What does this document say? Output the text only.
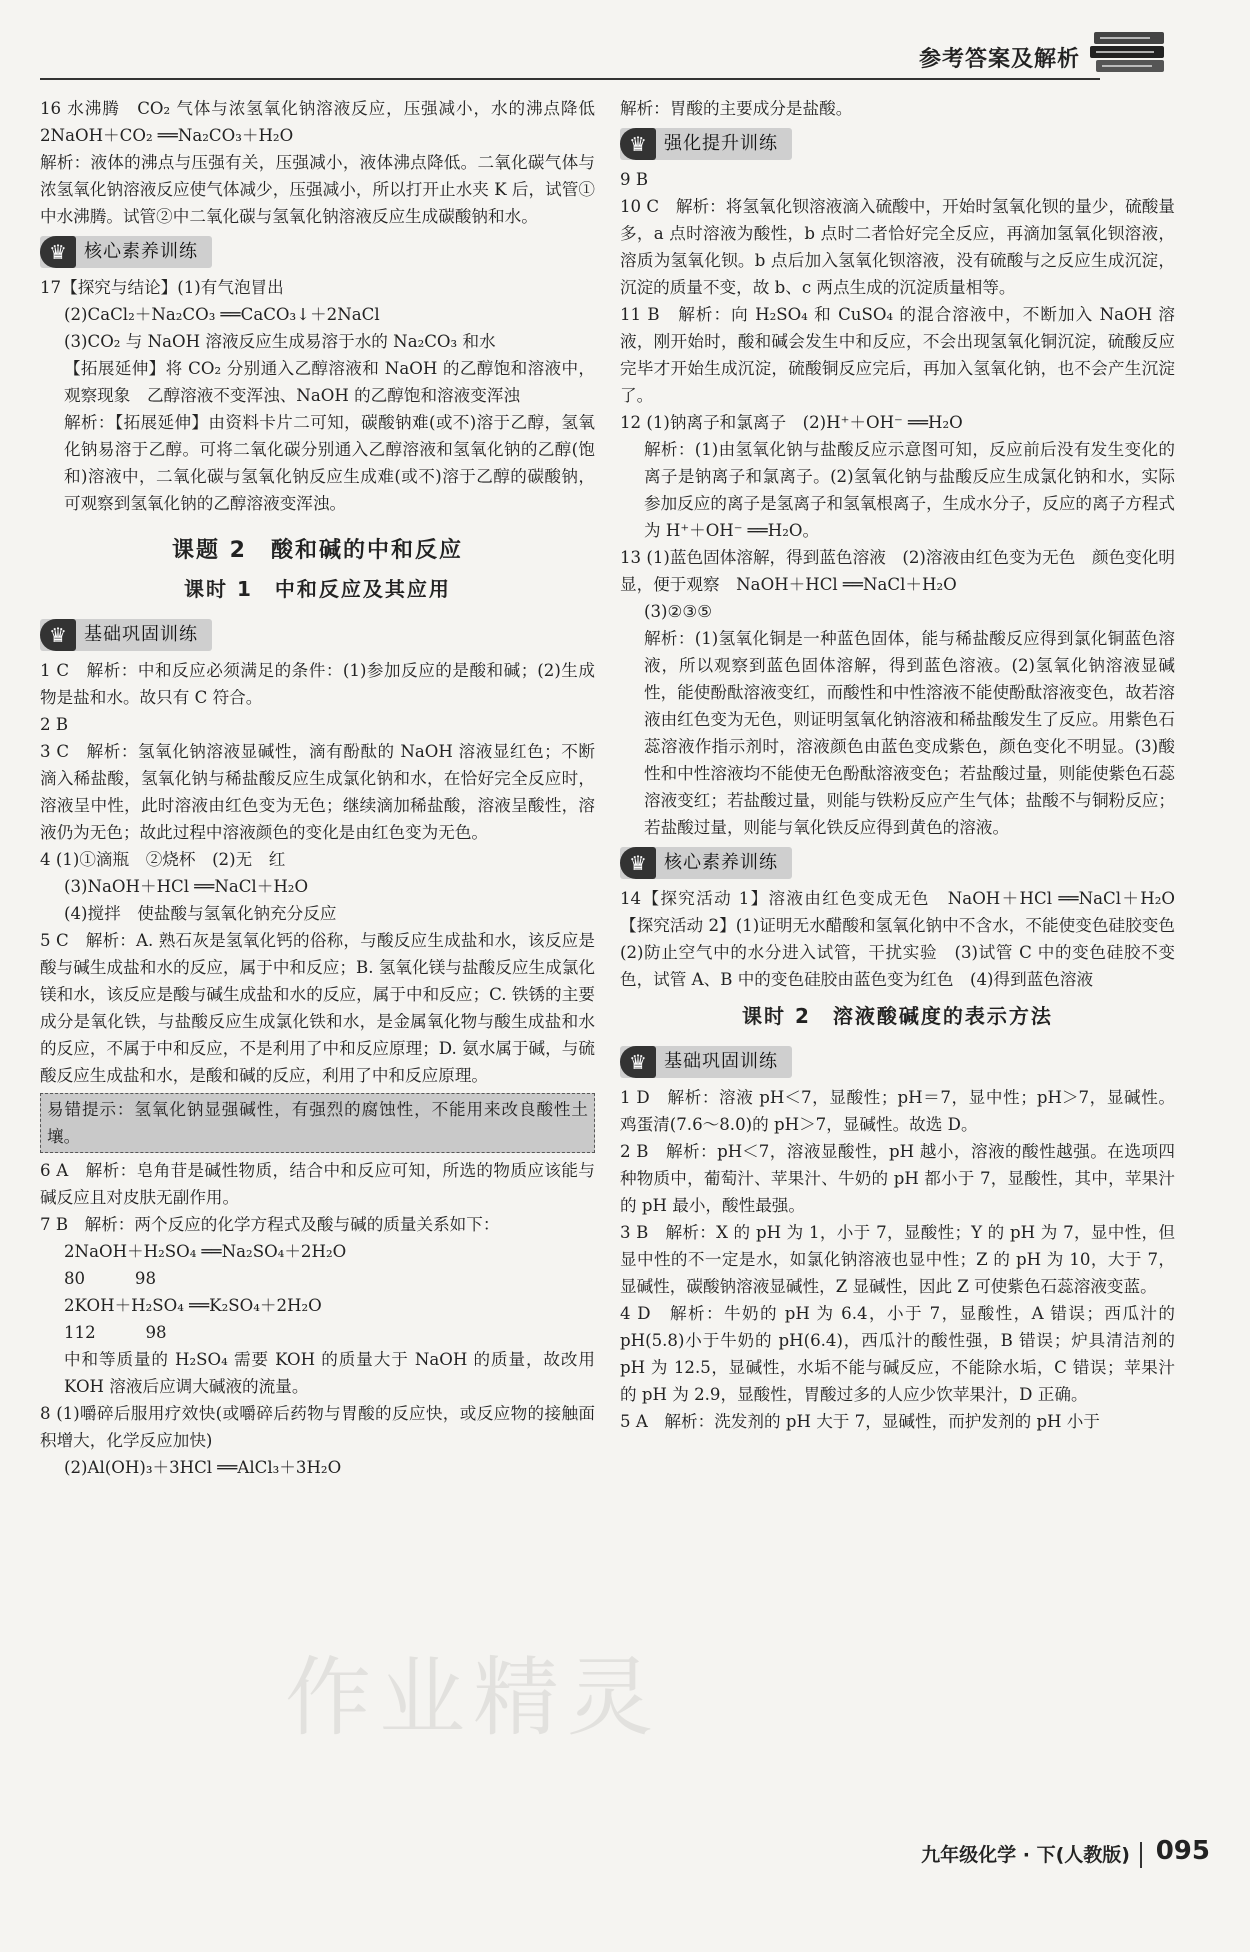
参考答案及解析

16 水沸腾　CO₂ 气体与浓氢氧化钠溶液反应，压强减小，水的沸点降低　2NaOH＋CO₂ ══Na₂CO₃＋H₂O

解析：液体的沸点与压强有关，压强减小，液体沸点降低。二氧化碳气体与浓氢氧化钠溶液反应使气体减少，压强减小，所以打开止水夹 K 后，试管①中水沸腾。试管②中二氧化碳与氢氧化钠溶液反应生成碳酸钠和水。

♛ 核心素养训练

17【探究与结论】(1)有气泡冒出

(2)CaCl₂＋Na₂CO₃ ══CaCO₃↓＋2NaCl

(3)CO₂ 与 NaOH 溶液反应生成易溶于水的 Na₂CO₃ 和水

【拓展延伸】将 CO₂ 分别通入乙醇溶液和 NaOH 的乙醇饱和溶液中，观察现象　乙醇溶液不变浑浊、NaOH 的乙醇饱和溶液变浑浊

解析：【拓展延伸】由资料卡片二可知，碳酸钠难(或不)溶于乙醇，氢氧化钠易溶于乙醇。可将二氧化碳分别通入乙醇溶液和氢氧化钠的乙醇(饱和)溶液中，二氧化碳与氢氧化钠反应生成难(或不)溶于乙醇的碳酸钠，可观察到氢氧化钠的乙醇溶液变浑浊。

课题 2　酸和碱的中和反应
课时 1　中和反应及其应用
♛ 基础巩固训练

1 C　解析：中和反应必须满足的条件：(1)参加反应的是酸和碱；(2)生成物是盐和水。故只有 C 符合。

2 B

3 C　解析：氢氧化钠溶液显碱性，滴有酚酞的 NaOH 溶液显红色；不断滴入稀盐酸，氢氧化钠与稀盐酸反应生成氯化钠和水，在恰好完全反应时，溶液呈中性，此时溶液由红色变为无色；继续滴加稀盐酸，溶液呈酸性，溶液仍为无色；故此过程中溶液颜色的变化是由红色变为无色。

4 (1)①滴瓶　②烧杯　(2)无　红

(3)NaOH＋HCl ══NaCl＋H₂O

(4)搅拌　使盐酸与氢氧化钠充分反应

5 C　解析：A. 熟石灰是氢氧化钙的俗称，与酸反应生成盐和水，该反应是酸与碱生成盐和水的反应，属于中和反应；B. 氢氧化镁与盐酸反应生成氯化镁和水，该反应是酸与碱生成盐和水的反应，属于中和反应；C. 铁锈的主要成分是氧化铁，与盐酸反应生成氯化铁和水，是金属氧化物与酸生成盐和水的反应，不属于中和反应，不是利用了中和反应原理；D. 氨水属于碱，与硫酸反应生成盐和水，是酸和碱的反应，利用了中和反应原理。

易错提示：氢氧化钠显强碱性，有强烈的腐蚀性，不能用来改良酸性土壤。

6 A　解析：皂角苷是碱性物质，结合中和反应可知，所选的物质应该能与碱反应且对皮肤无副作用。

7 B　解析：两个反应的化学方程式及酸与碱的质量关系如下：

2NaOH＋H₂SO₄ ══Na₂SO₄＋2H₂O

80　　　98

2KOH＋H₂SO₄ ══K₂SO₄＋2H₂O

112　　　98

中和等质量的 H₂SO₄ 需要 KOH 的质量大于 NaOH 的质量，故改用 KOH 溶液后应调大碱液的流量。

8 (1)嚼碎后服用疗效快(或嚼碎后药物与胃酸的反应快，或反应物的接触面积增大，化学反应加快)

(2)Al(OH)₃＋3HCl ══AlCl₃＋3H₂O

解析：胃酸的主要成分是盐酸。

♛ 强化提升训练

9 B

10 C　解析：将氢氧化钡溶液滴入硫酸中，开始时氢氧化钡的量少，硫酸量多，a 点时溶液为酸性，b 点时二者恰好完全反应，再滴加氢氧化钡溶液，溶质为氢氧化钡。b 点后加入氢氧化钡溶液，没有硫酸与之反应生成沉淀，沉淀的质量不变，故 b、c 两点生成的沉淀质量相等。

11 B　解析：向 H₂SO₄ 和 CuSO₄ 的混合溶液中，不断加入 NaOH 溶液，刚开始时，酸和碱会发生中和反应，不会出现氢氧化铜沉淀，硫酸反应完毕才开始生成沉淀，硫酸铜反应完后，再加入氢氧化钠，也不会产生沉淀了。

12 (1)钠离子和氯离子　(2)H⁺＋OH⁻ ══H₂O

解析：(1)由氢氧化钠与盐酸反应示意图可知，反应前后没有发生变化的离子是钠离子和氯离子。(2)氢氧化钠与盐酸反应生成氯化钠和水，实际参加反应的离子是氢离子和氢氧根离子，生成水分子，反应的离子方程式为 H⁺＋OH⁻ ══H₂O。

13 (1)蓝色固体溶解，得到蓝色溶液　(2)溶液由红色变为无色　颜色变化明显，便于观察　NaOH＋HCl ══NaCl＋H₂O

(3)②③⑤

解析：(1)氢氧化铜是一种蓝色固体，能与稀盐酸反应得到氯化铜蓝色溶液，所以观察到蓝色固体溶解，得到蓝色溶液。(2)氢氧化钠溶液显碱性，能使酚酞溶液变红，而酸性和中性溶液不能使酚酞溶液变色，故若溶液由红色变为无色，则证明氢氧化钠溶液和稀盐酸发生了反应。用紫色石蕊溶液作指示剂时，溶液颜色由蓝色变成紫色，颜色变化不明显。(3)酸性和中性溶液均不能使无色酚酞溶液变色；若盐酸过量，则能使紫色石蕊溶液变红；若盐酸过量，则能与铁粉反应产生气体；盐酸不与铜粉反应；若盐酸过量，则能与氧化铁反应得到黄色的溶液。

♛ 核心素养训练

14【探究活动 1】溶液由红色变成无色　NaOH＋HCl ══NaCl＋H₂O　【探究活动 2】(1)证明无水醋酸和氢氧化钠中不含水，不能使变色硅胶变色　(2)防止空气中的水分进入试管，干扰实验　(3)试管 C 中的变色硅胶不变色，试管 A、B 中的变色硅胶由蓝色变为红色　(4)得到蓝色溶液

课时 2　溶液酸碱度的表示方法
♛ 基础巩固训练

1 D　解析：溶液 pH＜7，显酸性；pH＝7，显中性；pH＞7，显碱性。鸡蛋清(7.6～8.0)的 pH＞7，显碱性。故选 D。

2 B　解析：pH＜7，溶液显酸性，pH 越小，溶液的酸性越强。在选项四种物质中，葡萄汁、苹果汁、牛奶的 pH 都小于 7，显酸性，其中，苹果汁的 pH 最小，酸性最强。

3 B　解析：X 的 pH 为 1，小于 7，显酸性；Y 的 pH 为 7，显中性，但显中性的不一定是水，如氯化钠溶液也显中性；Z 的 pH 为 10，大于 7，显碱性，碳酸钠溶液显碱性，Z 显碱性，因此 Z 可使紫色石蕊溶液变蓝。

4 D　解析：牛奶的 pH 为 6.4，小于 7，显酸性，A 错误；西瓜汁的 pH(5.8)小于牛奶的 pH(6.4)，西瓜汁的酸性强，B 错误；炉具清洁剂的 pH 为 12.5，显碱性，水垢不能与碱反应，不能除水垢，C 错误；苹果汁的 pH 为 2.9，显酸性，胃酸过多的人应少饮苹果汁，D 正确。

5 A　解析：洗发剂的 pH 大于 7，显碱性，而护发剂的 pH 小于

九年级化学 · 下(人教版) 095
作业精灵
